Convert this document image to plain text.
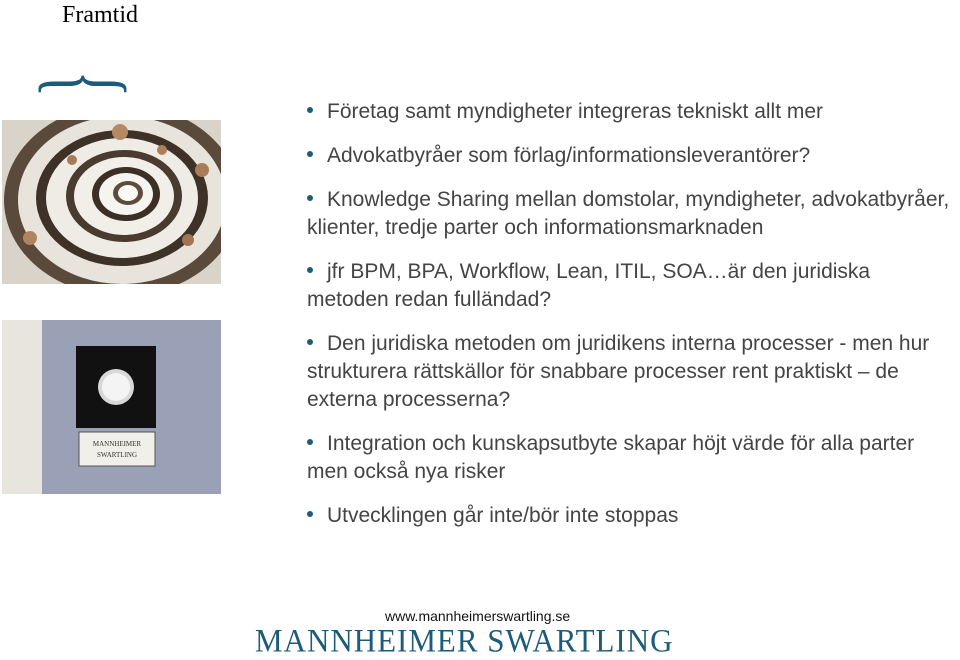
Framtid
{
MANNHEIMER
SWARTLING
Företag samt myndigheter integreras tekniskt allt mer
Advokatbyråer som förlag/informationsleverantörer?
Knowledge Sharing mellan domstolar, myndigheter, advokatbyråer, klienter, tredje parter och informationsmarknaden
jfr BPM, BPA, Workflow, Lean, ITIL, SOA…är den juridiska metoden redan fulländad?
Den juridiska metoden om juridikens interna processer - men hur strukturera rättskällor för snabbare processer rent praktiskt – de externa processerna?
Integration och kunskapsutbyte skapar höjt värde för alla parter men också nya risker
Utvecklingen går inte/bör inte stoppas
www.mannheimerswartling.se
MANNHEIMER SWARTLING
